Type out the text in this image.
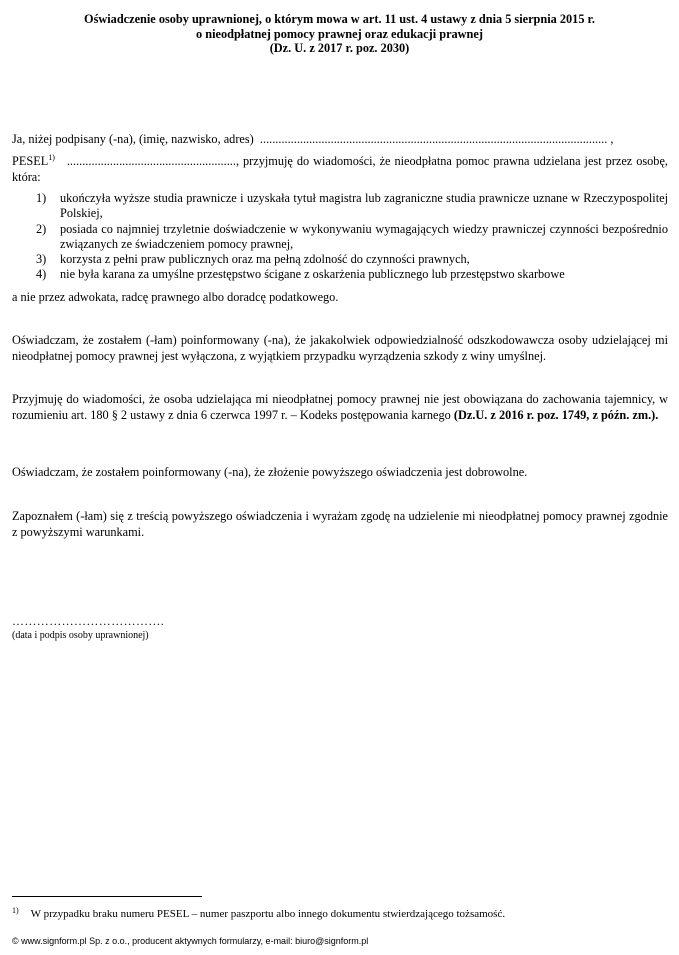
Oświadczenie osoby uprawnionej, o którym mowa w art. 11 ust. 4 ustawy z dnia 5 sierpnia 2015 r.
o nieodpłatnej pomocy prawnej oraz edukacji prawnej
(Dz. U. z 2017 r. poz. 2030)
Ja, niżej podpisany (-na), (imię, nazwisko, adres) ................................................................................................................. ,
PESEL$^{1)}$ ......................................................., przyjmuję do wiadomości, że nieodpłatna pomoc prawna udzielana jest przez osobę, która:
1)	ukończyła wyższe studia prawnicze i uzyskała tytuł magistra lub zagraniczne studia prawnicze uznane w Rzeczypospolitej Polskiej,
2)	posiada co najmniej trzyletnie doświadczenie w wykonywaniu wymagających wiedzy prawniczej czynności bezpośrednio związanych ze świadczeniem pomocy prawnej,
3)	korzysta z pełni praw publicznych oraz ma pełną zdolność do czynności prawnych,
4)	nie była karana za umyślne przestępstwo ścigane z oskarżenia publicznego lub przestępstwo skarbowe
a nie przez adwokata, radcę prawnego albo doradcę podatkowego.
Oświadczam, że zostałem (-łam) poinformowany (-na), że jakakolwiek odpowiedzialność odszkodowawcza osoby udzielającej mi nieodpłatnej pomocy prawnej jest wyłączona, z wyjątkiem przypadku wyrządzenia szkody z winy umyślnej.
Przyjmuję do wiadomości, że osoba udzielająca mi nieodpłatnej pomocy prawnej nie jest obowiązana do zachowania tajemnicy, w rozumieniu art. 180 § 2 ustawy z dnia 6 czerwca 1997 r. – Kodeks postępowania karnego (Dz.U. z 2016 r. poz. 1749, z późn. zm.).
Oświadczam, że zostałem poinformowany (-na), że złożenie powyższego oświadczenia jest dobrowolne.
Zapoznałem (-łam) się z treścią powyższego oświadczenia i wyrażam zgodę na udzielenie mi nieodpłatnej pomocy prawnej zgodnie z powyższymi warunkami.
……………………………….
(data i podpis osoby uprawnionej)
$^{1)}$ W przypadku braku numeru PESEL – numer paszportu albo innego dokumentu stwierdzającego tożsamość.
© www.signform.pl Sp. z o.o., producent aktywnych formularzy, e-mail: biuro@signform.pl
